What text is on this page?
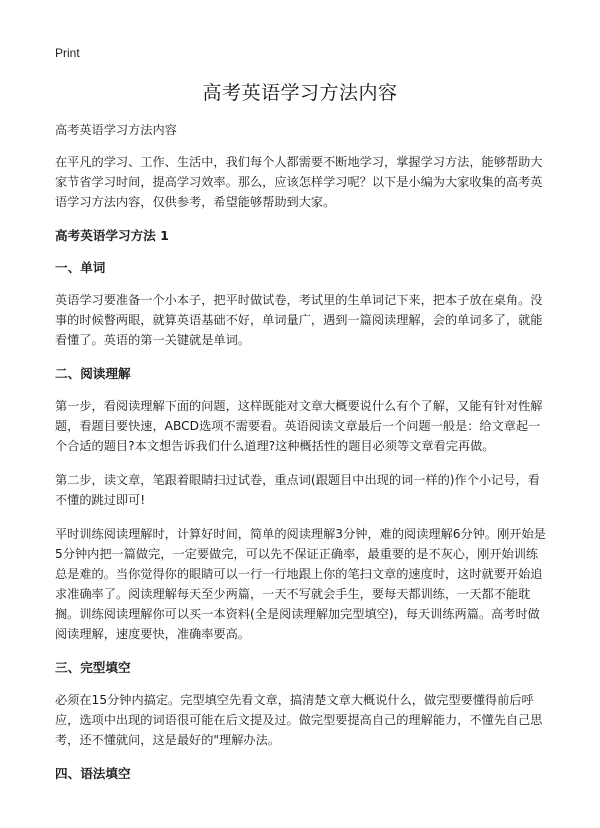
Print
高考英语学习方法内容

高考英语学习方法内容

在平凡的学习、工作、生活中，我们每个人都需要不断地学习，掌握学习方法，能够帮助大家节省学习时间，提高学习效率。那么，应该怎样学习呢？以下是小编为大家收集的高考英语学习方法内容，仅供参考，希望能够帮助到大家。

高考英语学习方法 1
一、单词

英语学习要准备一个小本子，把平时做试卷，考试里的生单词记下来，把本子放在桌角。没事的时候瞥两眼，就算英语基础不好，单词量广，遇到一篇阅读理解，会的单词多了，就能看懂了。英语的第一关键就是单词。

二、阅读理解

第一步，看阅读理解下面的问题，这样既能对文章大概要说什么有个了解，又能有针对性解题，看题目要快速，ABCD选项不需要看。英语阅读文章最后一个问题一般是：给文章起一个合适的题目?本文想告诉我们什么道理?这种概括性的题目必须等文章看完再做。

第二步，读文章，笔跟着眼睛扫过试卷，重点词(跟题目中出现的词一样的)作个小记号，看不懂的跳过即可!

平时训练阅读理解时，计算好时间，简单的阅读理解3分钟，难的阅读理解6分钟。刚开始是5分钟内把一篇做完，一定要做完，可以先不保证正确率，最重要的是不灰心，刚开始训练总是难的。当你觉得你的眼睛可以一行一行地跟上你的笔扫文章的速度时，这时就要开始追求准确率了。阅读理解每天至少两篇，一天不写就会手生，要每天都训练，一天都不能耽搁。训练阅读理解你可以买一本资料(全是阅读理解加完型填空)，每天训练两篇。高考时做阅读理解，速度要快，准确率要高。

三、完型填空

必须在15分钟内搞定。完型填空先看文章，搞清楚文章大概说什么，做完型要懂得前后呼应，选项中出现的词语很可能在后文提及过。做完型要提高自己的理解能力，不懂先自己思考，还不懂就问，这是最好的"理解办法。

四、语法填空
